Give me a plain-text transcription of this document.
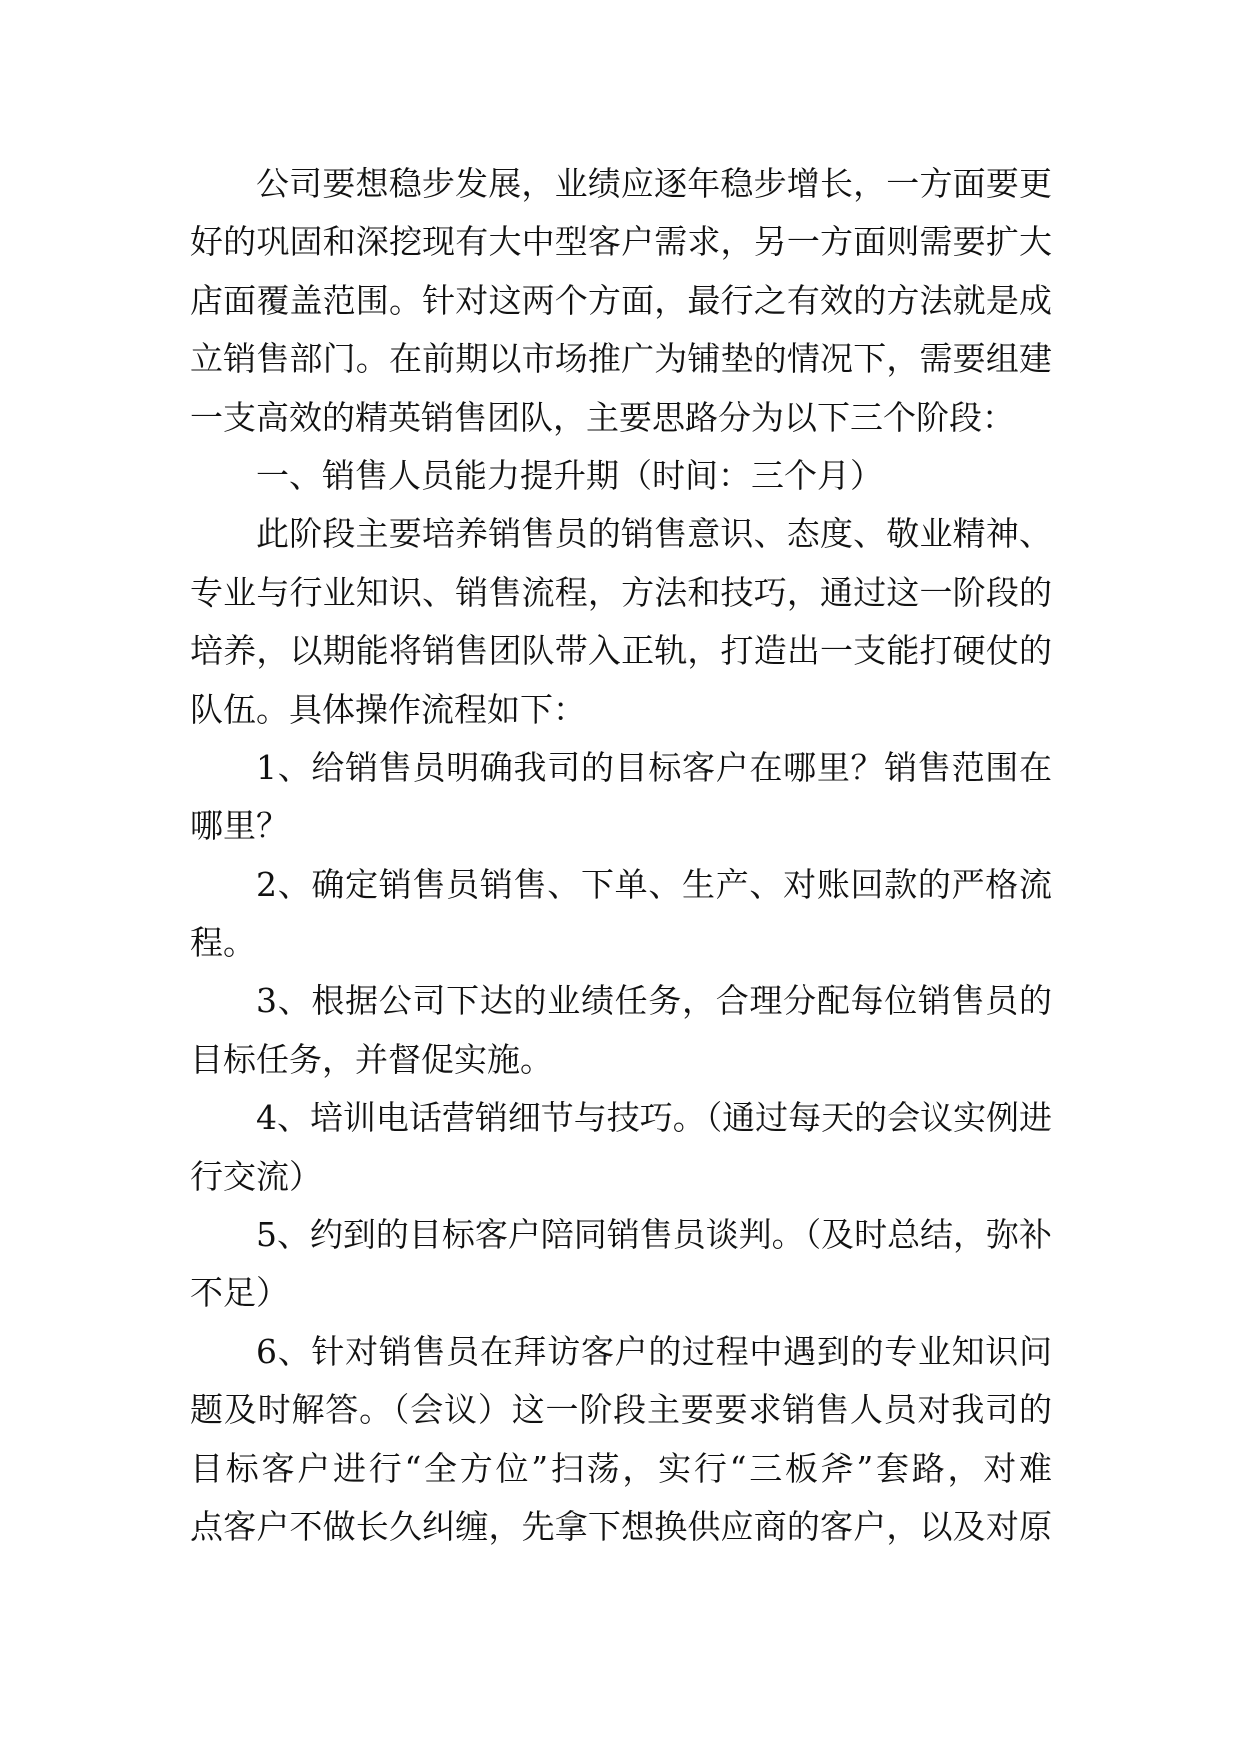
公司要想稳步发展，业绩应逐年稳步增长，一方面要更
好的巩固和深挖现有大中型客户需求，另一方面则需要扩大
店面覆盖范围。针对这两个方面，最行之有效的方法就是成
立销售部门。在前期以市场推广为铺垫的情况下，需要组建
一支高效的精英销售团队，主要思路分为以下三个阶段：
一、销售人员能力提升期（时间：三个月）
此阶段主要培养销售员的销售意识、态度、敬业精神、
专业与行业知识、销售流程，方法和技巧，通过这一阶段的
培养，以期能将销售团队带入正轨，打造出一支能打硬仗的
队伍。具体操作流程如下：
1、给销售员明确我司的目标客户在哪里？销售范围在
哪里？
2、确定销售员销售、下单、生产、对账回款的严格流
程。
3、根据公司下达的业绩任务，合理分配每位销售员的
目标任务，并督促实施。
4、培训电话营销细节与技巧。（通过每天的会议实例进
行交流）
5、约到的目标客户陪同销售员谈判。（及时总结，弥补
不足）
6、针对销售员在拜访客户的过程中遇到的专业知识问
题及时解答。（会议）这一阶段主要要求销售人员对我司的
目标客户进行“全方位”扫荡，实行“三板斧”套路，对难
点客户不做长久纠缠，先拿下想换供应商的客户，以及对原
